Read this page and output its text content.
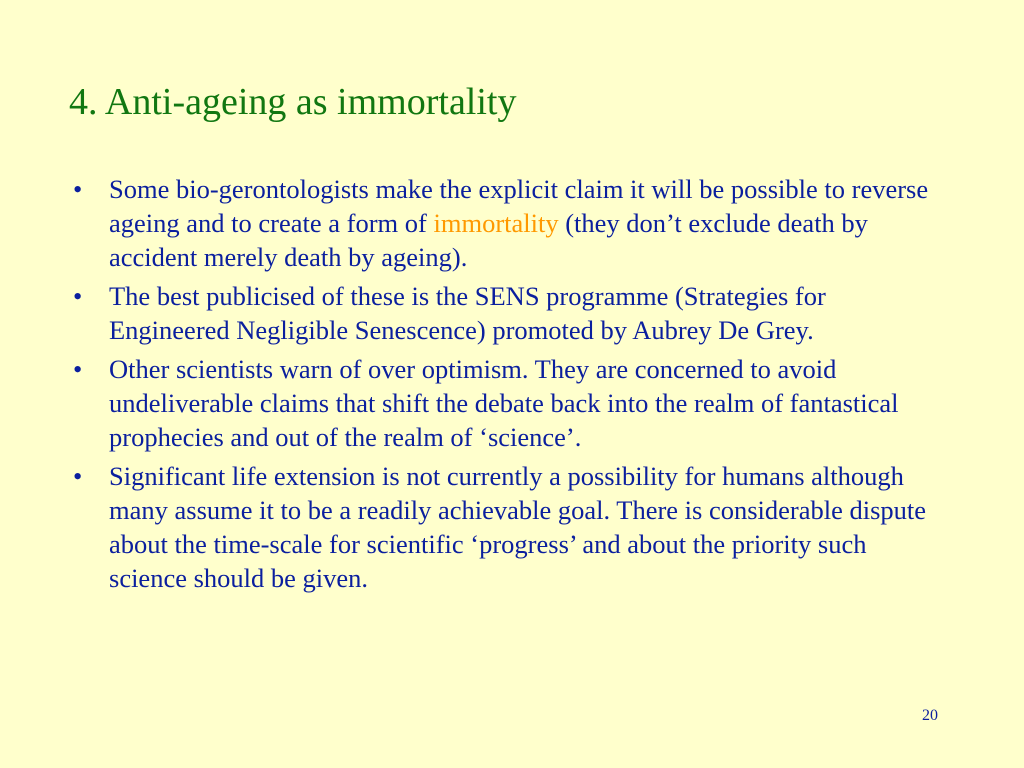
4. Anti-ageing as immortality
• Some bio-gerontologists make the explicit claim it will be possible to reverse ageing and to create a form of immortality (they don’t exclude death by accident merely death by ageing).
• The best publicised of these is the SENS programme (Strategies for Engineered Negligible Senescence) promoted by Aubrey De Grey.
• Other scientists warn of over optimism. They are concerned to avoid undeliverable claims that shift the debate back into the realm of fantastical prophecies and out of the realm of ‘science’.
• Significant life extension is not currently a possibility for humans although many assume it to be a readily achievable goal. There is considerable dispute about the time-scale for scientific ‘progress’ and about the priority such science should be given.
20
